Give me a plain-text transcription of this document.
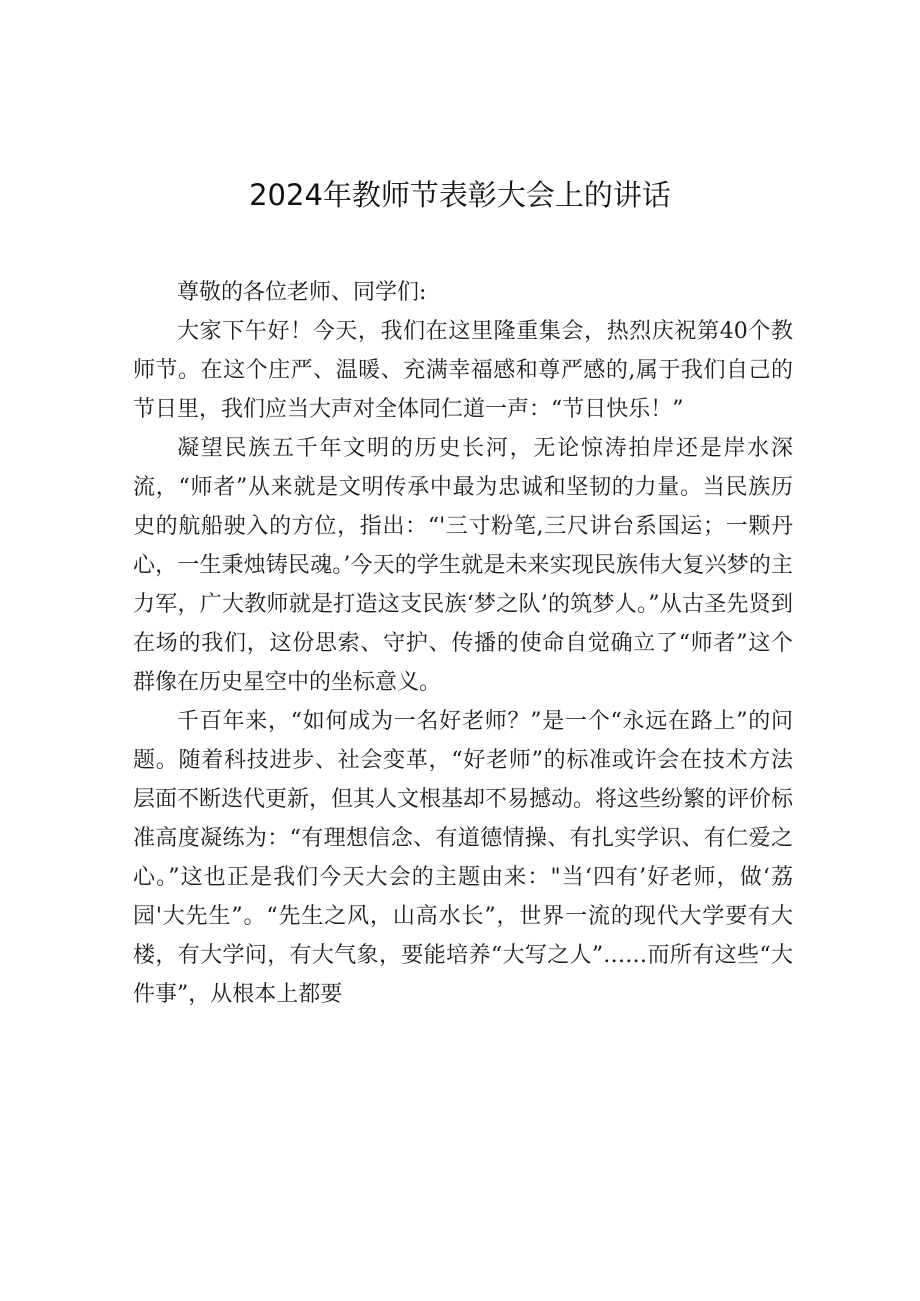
2024年教师节表彰大会上的讲话

尊敬的各位老师、同学们:

大家下午好！今天，我们在这里隆重集会，热烈庆祝第40个教师节。在这个庄严、温暖、充满幸福感和尊严感的,属于我们自己的节日里，我们应当大声对全体同仁道一声：“节日快乐！”

凝望民族五千年文明的历史长河，无论惊涛拍岸还是岸水深流，“师者”从来就是文明传承中最为忠诚和坚韧的力量。当民族历史的航船驶入的方位，指出：“'三寸粉笔,三尺讲台系国运；一颗丹心，一生秉烛铸民魂。’今天的学生就是未来实现民族伟大复兴梦的主力军，广大教师就是打造这支民族‘梦之队’的筑梦人。”从古圣先贤到在场的我们，这份思索、守护、传播的使命自觉确立了“师者”这个群像在历史星空中的坐标意义。

千百年来，“如何成为一名好老师？”是一个“永远在路上”的问题。随着科技进步、社会变革，“好老师”的标准或许会在技术方法层面不断迭代更新，但其人文根基却不易撼动。将这些纷繁的评价标准高度凝练为：“有理想信念、有道德情操、有扎实学识、有仁爱之心。”这也正是我们今天大会的主题由来："当‘四有’好老师，做‘荔园'大先生”。“先生之风，山高水长”，世界一流的现代大学要有大楼，有大学问，有大气象，要能培养“大写之人”……而所有这些“大件事”，从根本上都要
